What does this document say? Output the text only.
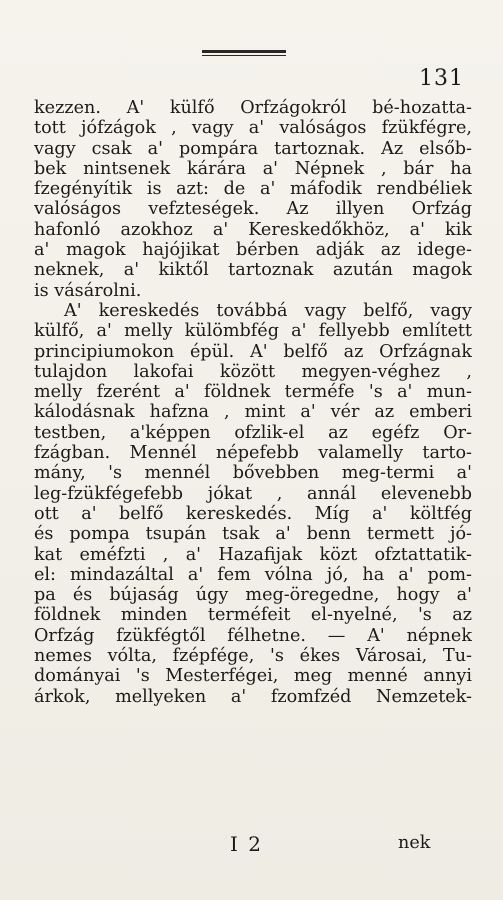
131
kezzen. A' külfő Orfzágokról bé-hozatta-
tott jófzágok , vagy a' valóságos fzükfégre,
vagy csak a' pompára tartoznak. Az elsőb-
bek nintsenek kárára a' Népnek , bár ha
fzegényítik is azt: de a' máfodik rendbéliek
valóságos vefzteségek. Az illyen Orfzág
hafonló azokhoz a' Kereskedőkhöz, a' kik
a' magok hajójikat bérben adják az idege-
neknek, a' kiktől tartoznak azután magok
is vásárolni.
A' kereskedés továbbá vagy belfő, vagy
külfő, a' melly külömbfég a' fellyebb említett
principiumokon épül. A' belfő az Orfzágnak
tulajdon lakofai között megyen-véghez ,
melly fzerént a' földnek terméfe 's a' mun-
kálodásnak hafzna , mint a' vér az emberi
testben, a'képpen ofzlik-el az egéfz Or-
fzágban. Mennél népefebb valamelly tarto-
mány, 's mennél bővebben meg-termi a'
leg-fzükfégefebb jókat , annál elevenebb
ott a' belfő kereskedés. Míg a' költfég
és pompa tsupán tsak a' benn termett jó-
kat eméfzti , a' Hazafijak közt ofztattatik-
el: mindazáltal a' fem vólna jó, ha a' pom-
pa és bújaság úgy meg-öregedne, hogy a'
földnek minden terméfeit el-nyelné, 's az
Orfzág fzükfégtől félhetne. — A' népnek
nemes vólta, fzépfége, 's ékes Városai, Tu-
dományai 's Mesterfégei, meg menné annyi
árkok, mellyeken a' fzomfzéd Nemzetek-
I 2	nek
